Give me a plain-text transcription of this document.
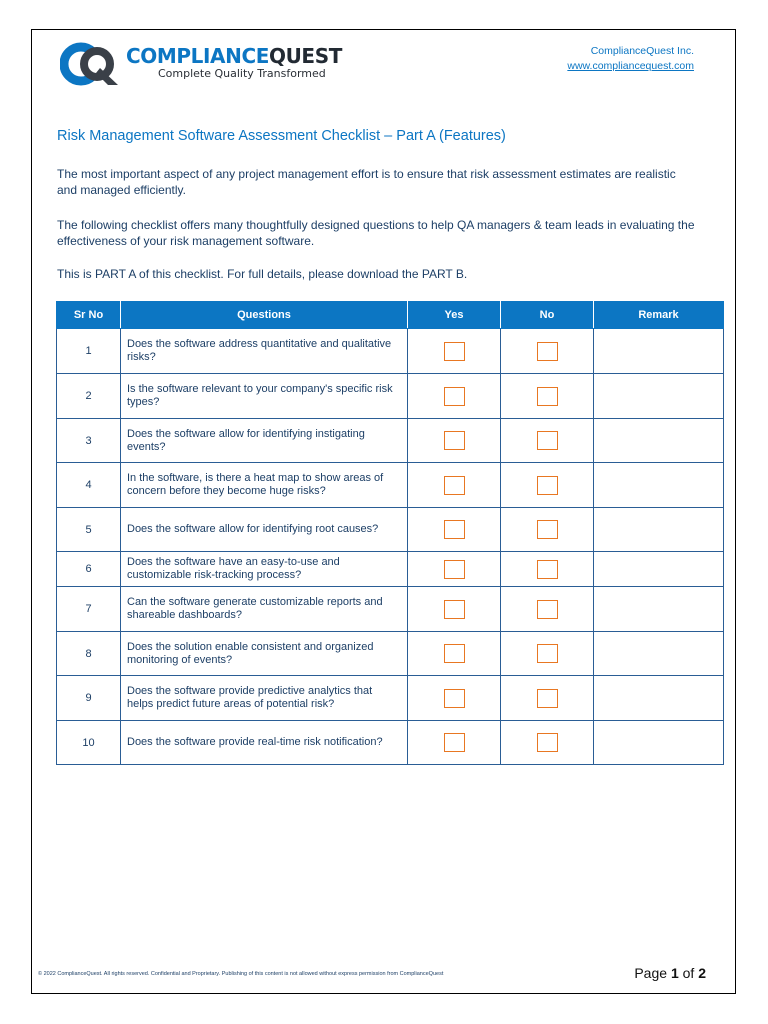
COMPLIANCEQUEST
Complete Quality Transformed
ComplianceQuest Inc.
www.compliancequest.com
Risk Management Software Assessment Checklist – Part A (Features)
The most important aspect of any project management effort is to ensure that risk assessment estimates are realistic and managed efficiently.
The following checklist offers many thoughtfully designed questions to help QA managers & team leads in evaluating the effectiveness of your risk management software.
This is PART A of this checklist. For full details, please download the PART B.
Sr No	Questions	Yes	No	Remark
1	Does the software address quantitative and qualitative risks?			
2	Is the software relevant to your company's specific risk types?			
3	Does the software allow for identifying instigating events?			
4	In the software, is there a heat map to show areas of concern before they become huge risks?			
5	Does the software allow for identifying root causes?			
6	Does the software have an easy-to-use and customizable risk-tracking process?			
7	Can the software generate customizable reports and shareable dashboards?			
8	Does the solution enable consistent and organized monitoring of events?			
9	Does the software provide predictive analytics that helps predict future areas of potential risk?			
10	Does the software provide real-time risk notification?			
© 2022 ComplianceQuest. All rights reserved. Confidential and Proprietary. Publishing of this content is not allowed without express permission from ComplianceQuest	Page 1 of 2
